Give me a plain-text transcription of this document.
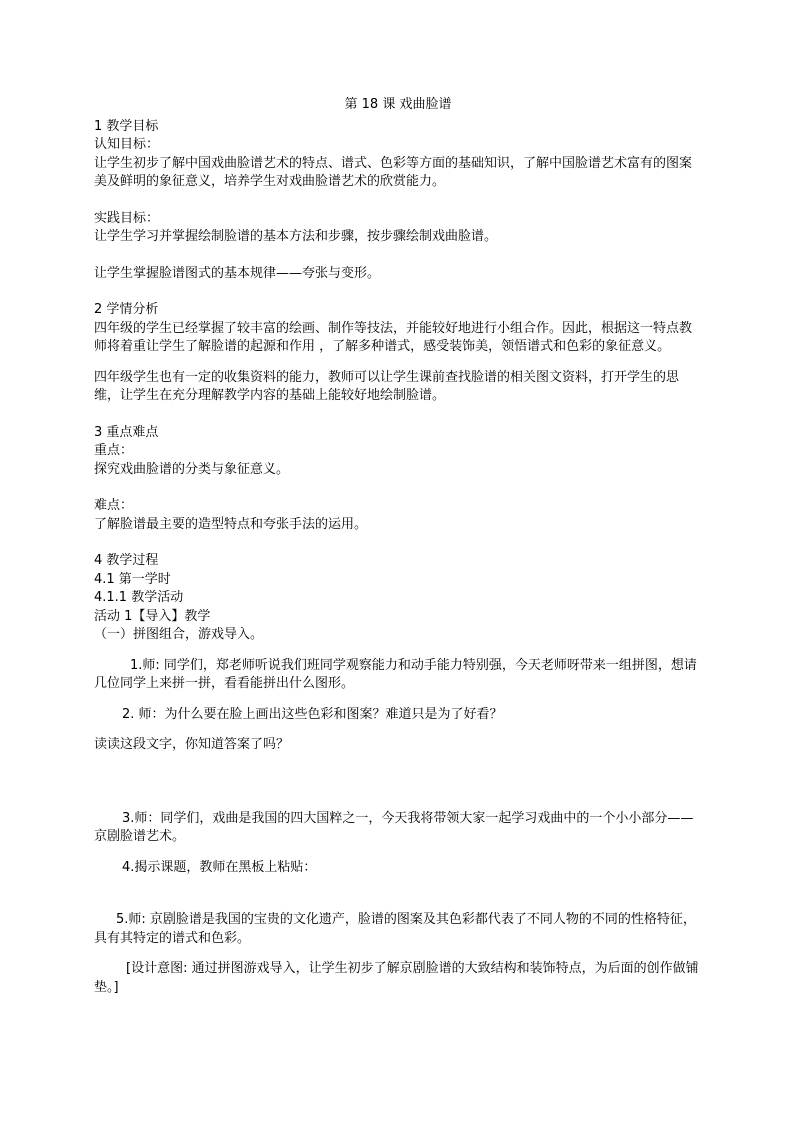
第 18 课 戏曲脸谱

1 教学目标

认知目标：

让学生初步了解中国戏曲脸谱艺术的特点、谱式、色彩等方面的基础知识，了解中国脸谱艺术富有的图案美及鲜明的象征意义，培养学生对戏曲脸谱艺术的欣赏能力。

实践目标：

让学生学习并掌握绘制脸谱的基本方法和步骤，按步骤绘制戏曲脸谱。

让学生掌握脸谱图式的基本规律——夸张与变形。

2 学情分析

四年级的学生已经掌握了较丰富的绘画、制作等技法，并能较好地进行小组合作。因此，根据这一特点教师将着重让学生了解脸谱的起源和作用 ，了解多种谱式，感受装饰美，领悟谱式和色彩的象征意义。

四年级学生也有一定的收集资料的能力，教师可以让学生课前查找脸谱的相关图文资料，打开学生的思维，让学生在充分理解教学内容的基础上能较好地绘制脸谱。

3 重点难点

重点：

探究戏曲脸谱的分类与象征意义。

难点：

了解脸谱最主要的造型特点和夸张手法的运用。

4 教学过程

4.1 第一学时

4.1.1 教学活动

活动 1【导入】教学

（一）拼图组合，游戏导入。

1.师: 同学们，郑老师听说我们班同学观察能力和动手能力特别强，今天老师呀带来一组拼图，想请几位同学上来拼一拼，看看能拼出什么图形。

2. 师：为什么要在脸上画出这些色彩和图案？难道只是为了好看？

读读这段文字，你知道答案了吗？

3.师：同学们，戏曲是我国的四大国粹之一，今天我将带领大家一起学习戏曲中的一个小小部分——京剧脸谱艺术。

4.揭示课题，教师在黑板上粘贴：

5.师: 京剧脸谱是我国的宝贵的文化遗产，脸谱的图案及其色彩都代表了不同人物的不同的性格特征，具有其特定的谱式和色彩。

[设计意图: 通过拼图游戏导入，让学生初步了解京剧脸谱的大致结构和装饰特点，为后面的创作做铺垫。]
